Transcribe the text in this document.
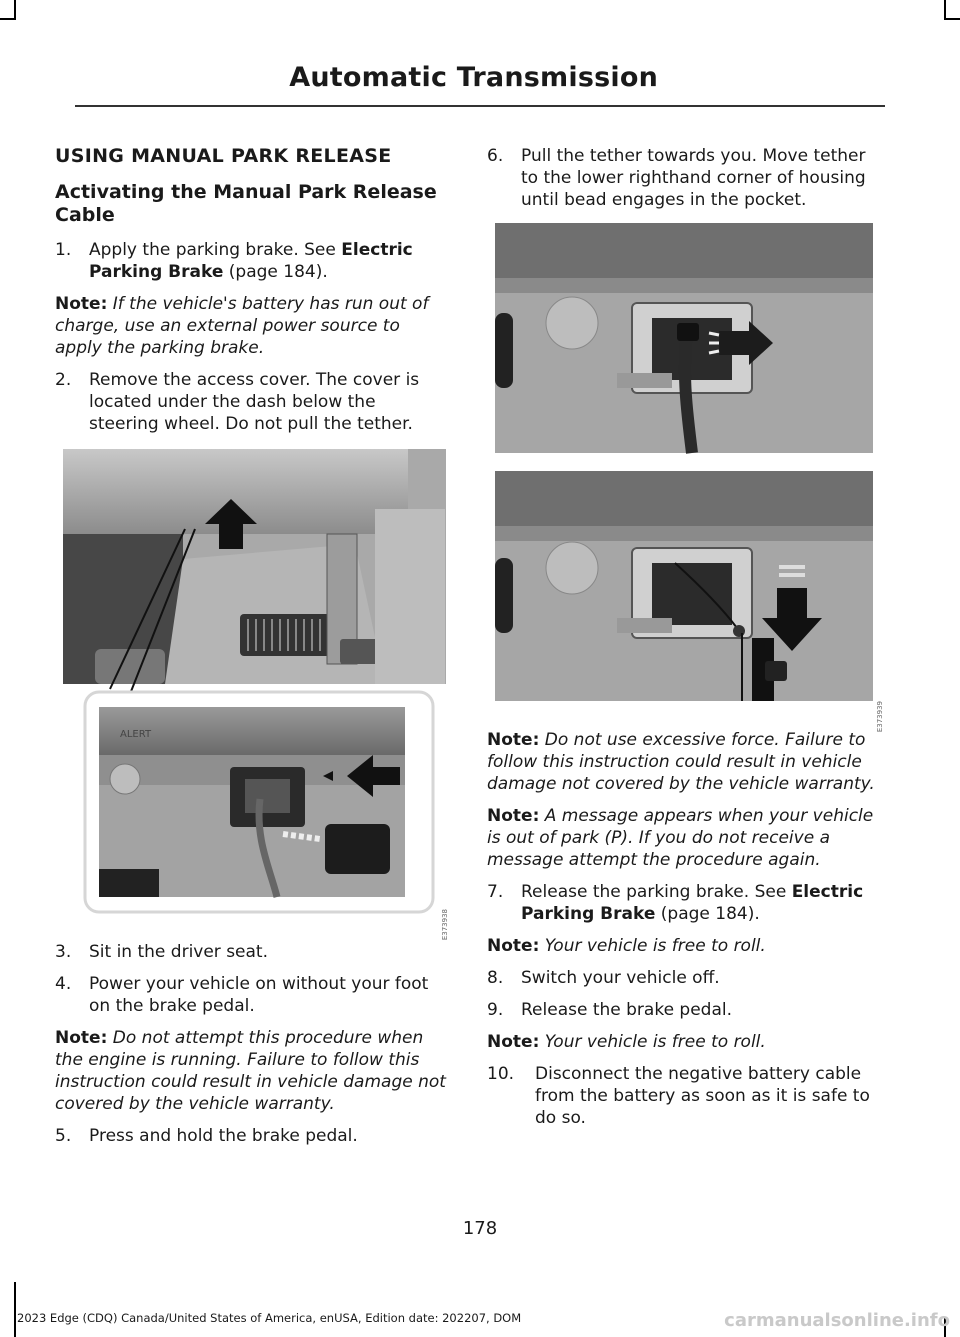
Automatic Transmission
USING MANUAL PARK RELEASE
Activating the Manual Park Release Cable
1.	Apply the parking brake. See Electric Parking Brake (page 184).
Note: If the vehicle's battery has run out of charge, use an external power source to apply the parking brake.
2.	Remove the access cover. The cover is located under the dash below the steering wheel. Do not pull the tether.
ALERT
E373938
3.	Sit in the driver seat.
4.	Power your vehicle on without your foot on the brake pedal.
Note: Do not attempt this procedure when the engine is running. Failure to follow this instruction could result in vehicle damage not covered by the vehicle warranty.
5.	Press and hold the brake pedal.
6.	Pull the tether towards you. Move tether to the lower righthand corner of housing until bead engages in the pocket.
E373939
Note: Do not use excessive force. Failure to follow this instruction could result in vehicle damage not covered by the vehicle warranty.
Note: A message appears when your vehicle is out of park (P). If you do not receive a message attempt the procedure again.
7.	Release the parking brake. See Electric Parking Brake (page 184).
Note: Your vehicle is free to roll.
8.	Switch your vehicle off.
9.	Release the brake pedal.
Note: Your vehicle is free to roll.
10.	Disconnect the negative battery cable from the battery as soon as it is safe to do so.
178
2023 Edge (CDQ) Canada/United States of America, enUSA, Edition date: 202207, DOM	carmanualsonline.info
